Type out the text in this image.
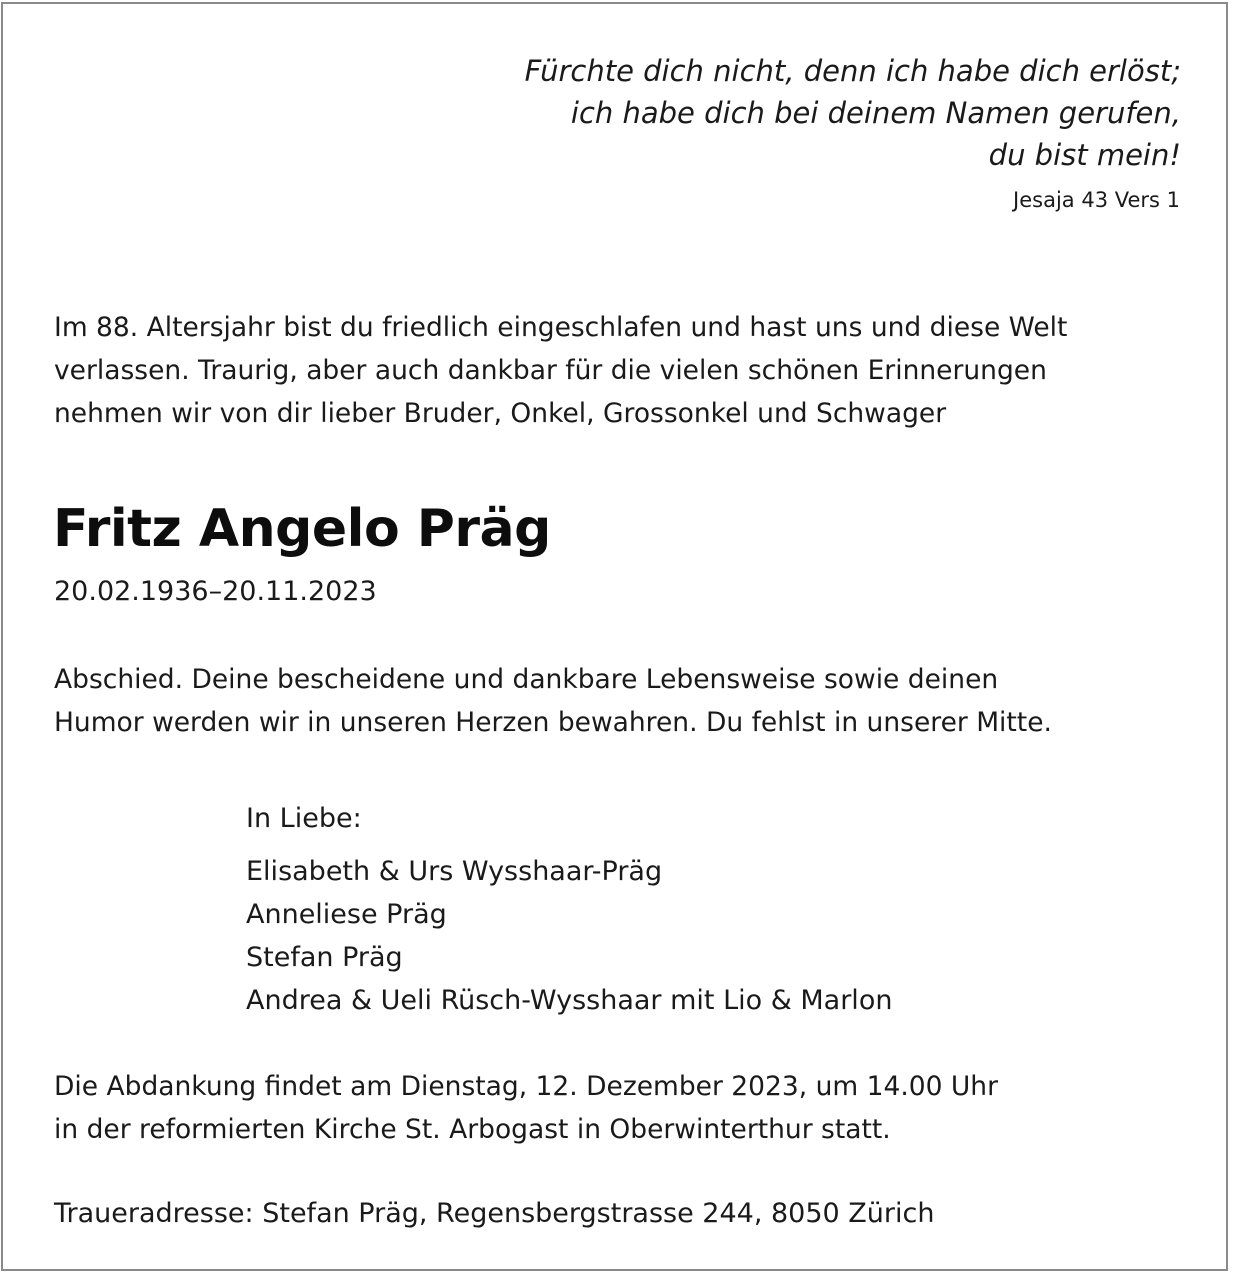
Fürchte dich nicht, denn ich habe dich erlöst;
ich habe dich bei deinem Namen gerufen,
du bist mein!
Jesaja 43 Vers 1
Im 88. Altersjahr bist du friedlich eingeschlafen und hast uns und diese Welt
verlassen. Traurig, aber auch dankbar für die vielen schönen Erinnerungen
nehmen wir von dir lieber Bruder, Onkel, Grossonkel und Schwager
Fritz Angelo Präg
20.02.1936–20.11.2023
Abschied. Deine bescheidene und dankbare Lebensweise sowie deinen
Humor werden wir in unseren Herzen bewahren. Du fehlst in unserer Mitte.
In Liebe:
Elisabeth & Urs Wysshaar-Präg
Anneliese Präg
Stefan Präg
Andrea & Ueli Rüsch-Wysshaar mit Lio & Marlon
Die Abdankung findet am Dienstag, 12. Dezember 2023, um 14.00 Uhr
in der reformierten Kirche St. Arbogast in Oberwinterthur statt.
Traueradresse: Stefan Präg, Regensbergstrasse 244, 8050 Zürich
